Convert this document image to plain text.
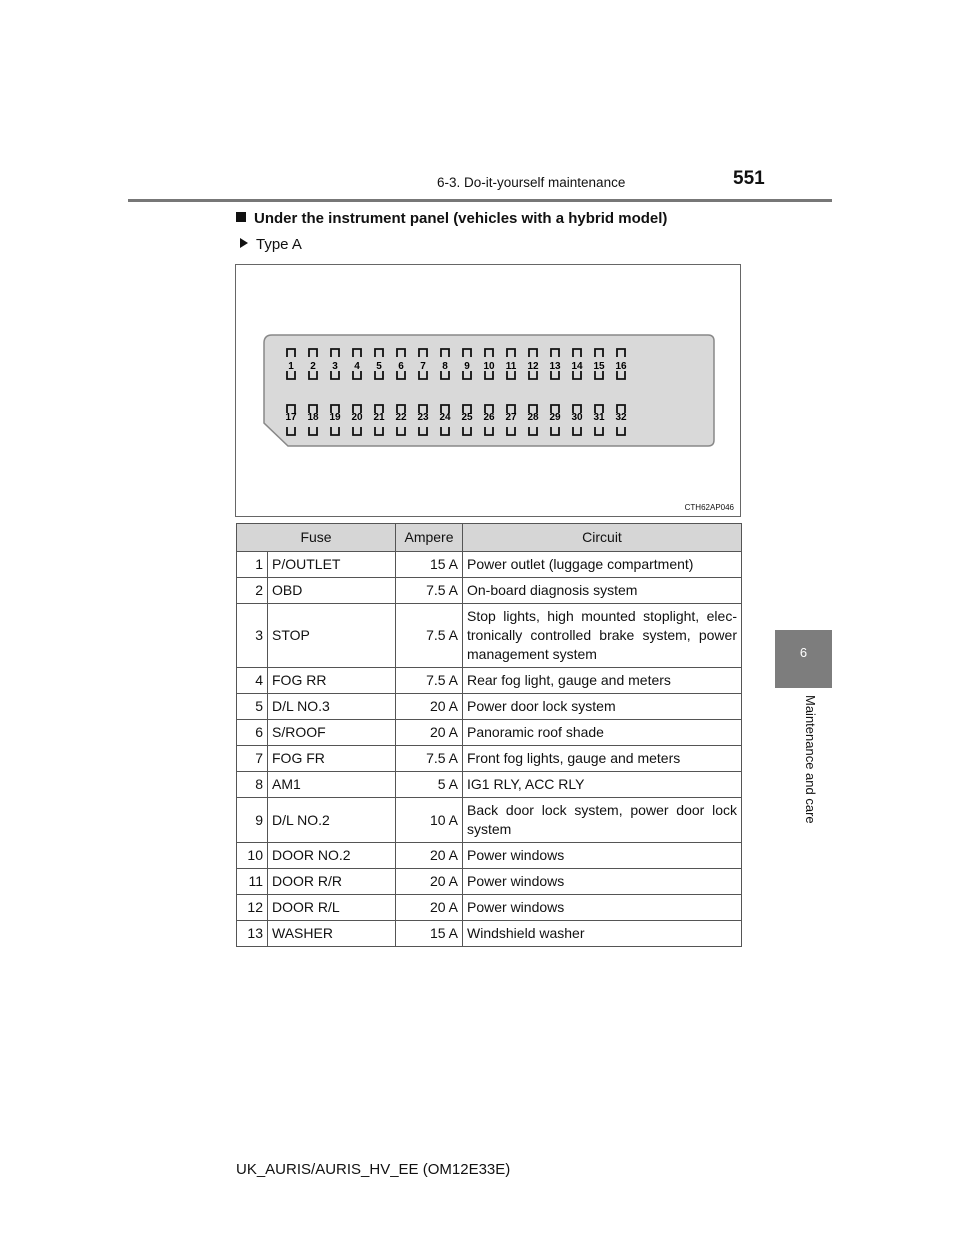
6-3. Do-it-yourself maintenance	551
Under the instrument panel (vehicles with a hybrid model)
Type A
1 2 3 4 5 6 7 8 9 10 11 12 13 14 15 16
17 18 19 20 21 22 23 24 25 26 27 28 29 30 31 32
CTH62AP046
Fuse		Ampere	Circuit
1	P/OUTLET	15 A	Power outlet (luggage compartment)
2	OBD	7.5 A	On-board diagnosis system
3	STOP	7.5 A	Stop lights, high mounted stoplight, elec-tronically controlled brake system, power management system
4	FOG RR	7.5 A	Rear fog light, gauge and meters
5	D/L NO.3	20 A	Power door lock system
6	S/ROOF	20 A	Panoramic roof shade
7	FOG FR	7.5 A	Front fog lights, gauge and meters
8	AM1	5 A	IG1 RLY, ACC RLY
9	D/L NO.2	10 A	Back door lock system, power door lock system
10	DOOR NO.2	20 A	Power windows
11	DOOR R/R	20 A	Power windows
12	DOOR R/L	20 A	Power windows
13	WASHER	15 A	Windshield washer
6
Maintenance and care
UK_AURIS/AURIS_HV_EE (OM12E33E)
